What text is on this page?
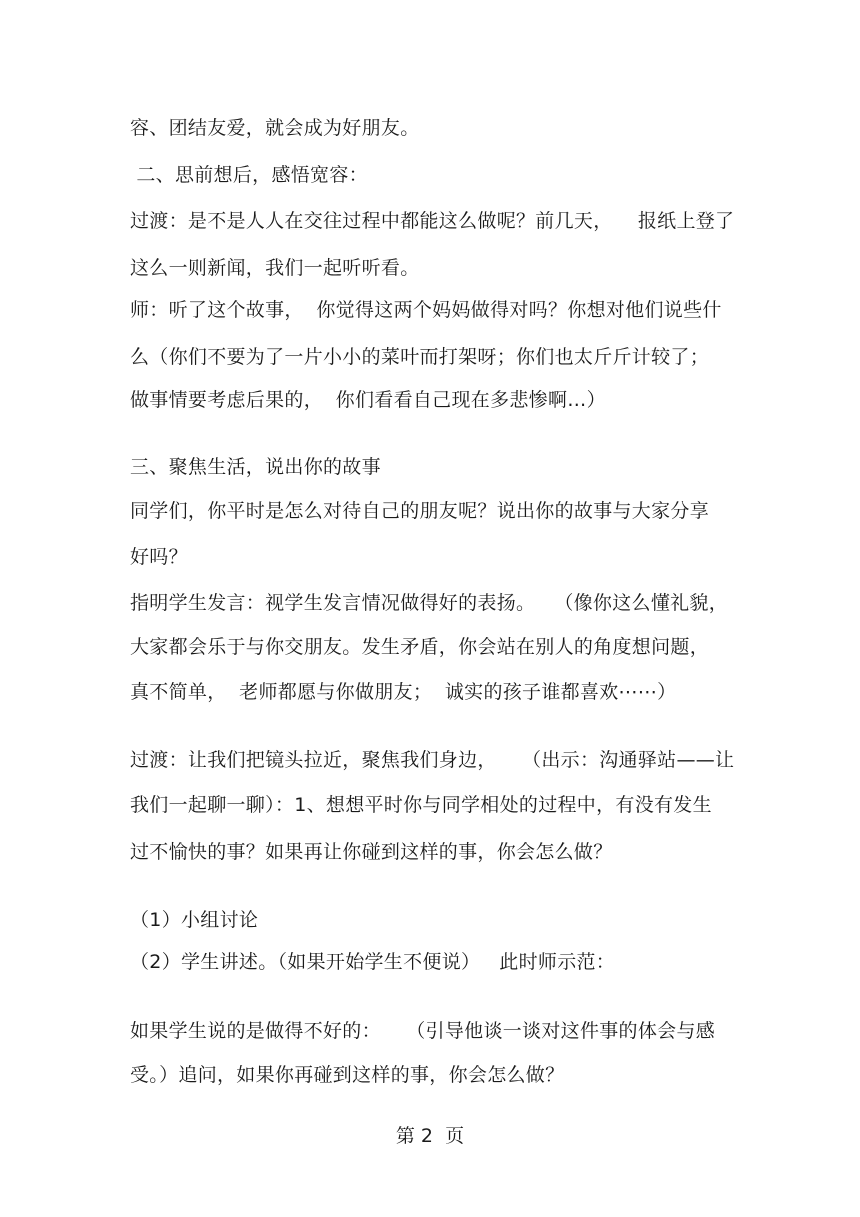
容、团结友爱，就会成为好朋友。
二、思前想后，感悟宽容：
过渡：是不是人人在交往过程中都能这么做呢？前几天，    报纸上登了
这么一则新闻，我们一起听听看。
师：听了这个故事，  你觉得这两个妈妈做得对吗？你想对他们说些什
么（你们不要为了一片小小的菜叶而打架呀；你们也太斤斤计较了；
做事情要考虑后果的，  你们看看自己现在多悲惨啊…）
三、聚焦生活，说出你的故事
同学们，你平时是怎么对待自己的朋友呢？说出你的故事与大家分享
好吗？
指明学生发言：视学生发言情况做得好的表扬。   （像你这么懂礼貌，
大家都会乐于与你交朋友。发生矛盾，你会站在别人的角度想问题，
真不简单，  老师都愿与你做朋友；  诚实的孩子谁都喜欢⋯⋯）
过渡：让我们把镜头拉近，聚焦我们身边，    （出示：沟通驿站——让
我们一起聊一聊）：1、想想平时你与同学相处的过程中，有没有发生
过不愉快的事？如果再让你碰到这样的事，你会怎么做？
（1）小组讨论
（2）学生讲述。（如果开始学生不便说）   此时师示范：
如果学生说的是做得不好的：    （引导他谈一谈对这件事的体会与感
受。）追问，如果你再碰到这样的事，你会怎么做？
第 2  页
